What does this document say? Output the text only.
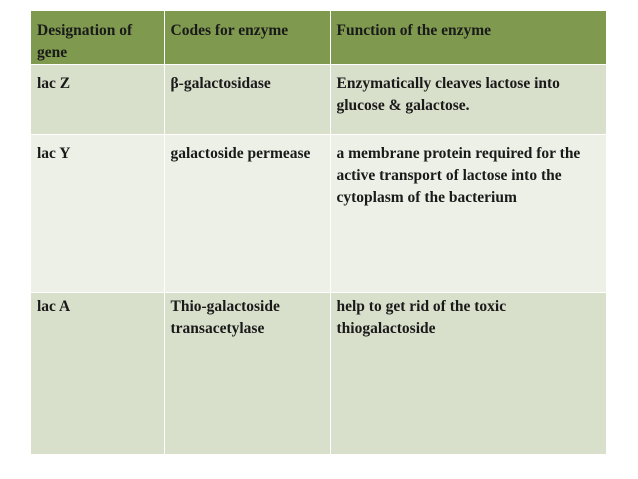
Designation of gene	Codes for enzyme	Function of the enzyme
lac Z	β-galactosidase	Enzymatically cleaves lactose into glucose & galactose.
lac Y	galactoside permease	a membrane protein required for the active transport of lactose into the cytoplasm of the bacterium
lac A	Thio-galactoside transacetylase	help to get rid of the toxic thiogalactoside
